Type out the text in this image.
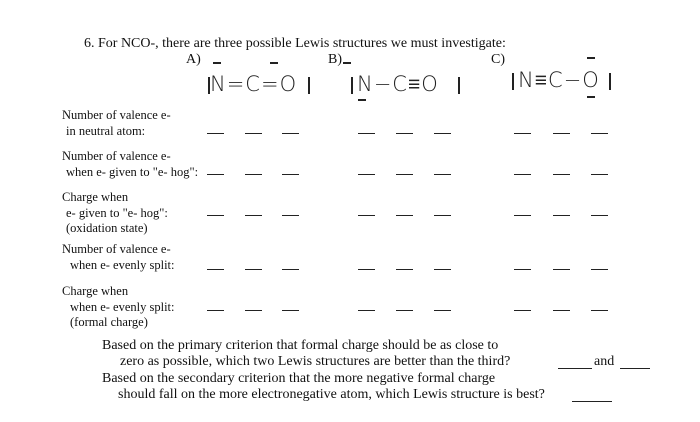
6. For NCO-, there are three possible Lewis structures we must investigate:
A)	B)	C)
N=C=O	N−C≡O	N≡C−O
Number of valence e-
in neutral atom:
Number of valence e-
when e- given to "e- hog":
Charge when
e- given to "e- hog":
(oxidation state)
Number of valence e-
when e- evenly split:
Charge when
when e- evenly split:
(formal charge)
Based on the primary criterion that formal charge should be as close to
zero as possible, which two Lewis structures are better than the third?	and
Based on the secondary criterion that the more negative formal charge
should fall on the more electronegative atom, which Lewis structure is best?
